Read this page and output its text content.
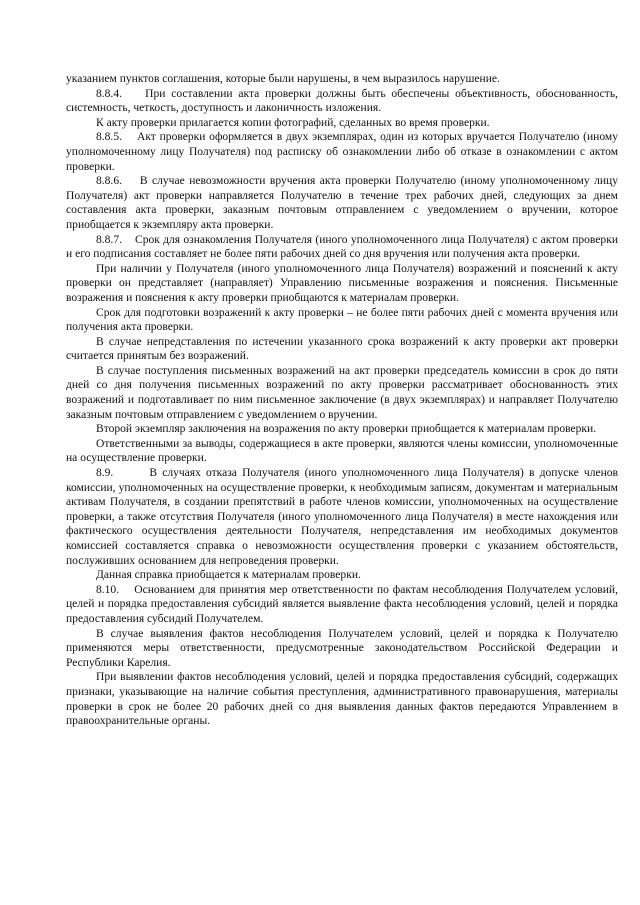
указанием пунктов соглашения, которые были нарушены, в чем выразилось нарушение.

8.8.4.    При составлении акта проверки должны быть обеспечены объективность, обоснованность, системность, четкость, доступность и лаконичность изложения.

К акту проверки прилагается копии фотографий, сделанных во время проверки.

8.8.5.    Акт проверки оформляется в двух экземплярах, один из которых вручается Получателю (иному уполномоченному лицу Получателя) под расписку об ознакомлении либо об отказе в ознакомлении с актом проверки.

8.8.6.    В случае невозможности вручения акта проверки Получателю (иному уполномоченному лицу Получателя) акт проверки направляется Получателю в течение трех рабочих дней, следующих за днем составления акта проверки, заказным почтовым отправлением с уведомлением о вручении, которое приобщается к экземпляру акта проверки.

8.8.7.    Срок для ознакомления Получателя (иного уполномоченного лица Получателя) с актом проверки и его подписания составляет не более пяти рабочих дней со дня вручения или получения акта проверки.

При наличии у Получателя (иного уполномоченного лица Получателя) возражений и пояснений к акту проверки он представляет (направляет) Управлению письменные возражения и пояснения. Письменные возражения и пояснения к акту проверки приобщаются к материалам проверки.

Срок для подготовки возражений к акту проверки – не более пяти рабочих дней с момента вручения или получения акта проверки.

В случае непредставления по истечении указанного срока возражений к акту проверки акт проверки считается принятым без возражений.

В случае поступления письменных возражений на акт проверки председатель комиссии в срок до пяти дней со дня получения письменных возражений по акту проверки рассматривает обоснованность этих возражений и подготавливает по ним письменное заключение (в двух экземплярах) и направляет Получателю заказным почтовым отправлением с уведомлением о вручении.

Второй экземпляр заключения на возражения по акту проверки приобщается к материалам проверки.

Ответственными за выводы, содержащиеся в акте проверки, являются члены комиссии, уполномоченные на осуществление проверки.

8.9.       В случаях отказа Получателя (иного уполномоченного лица Получателя) в допуске членов комиссии, уполномоченных на осуществление проверки, к необходимым записям, документам и материальным активам Получателя, в создании препятствий в работе членов комиссии, уполномоченных на осуществление проверки, а также отсутствия Получателя (иного уполномоченного лица Получателя) в месте нахождения или фактического осуществления деятельности Получателя, непредставления им необходимых документов комиссией составляется справка о невозможности осуществления проверки с указанием обстоятельств, послуживших основанием для непроведения проверки.

Данная справка приобщается к материалам проверки.

8.10.    Основанием для принятия мер ответственности по фактам несоблюдения Получателем условий, целей и порядка предоставления субсидий является выявление факта несоблюдения условий, целей и порядка предоставления субсидий Получателем.

В случае выявления фактов несоблюдения Получателем условий, целей и порядка к Получателю применяются меры ответственности, предусмотренные законодательством Российской Федерации и Республики Карелия.

При выявлении фактов несоблюдения условий, целей и порядка предоставления субсидий, содержащих признаки, указывающие на наличие события преступления, административного правонарушения, материалы проверки в срок не более 20 рабочих дней со дня выявления данных фактов передаются Управлением в правоохранительные органы.
